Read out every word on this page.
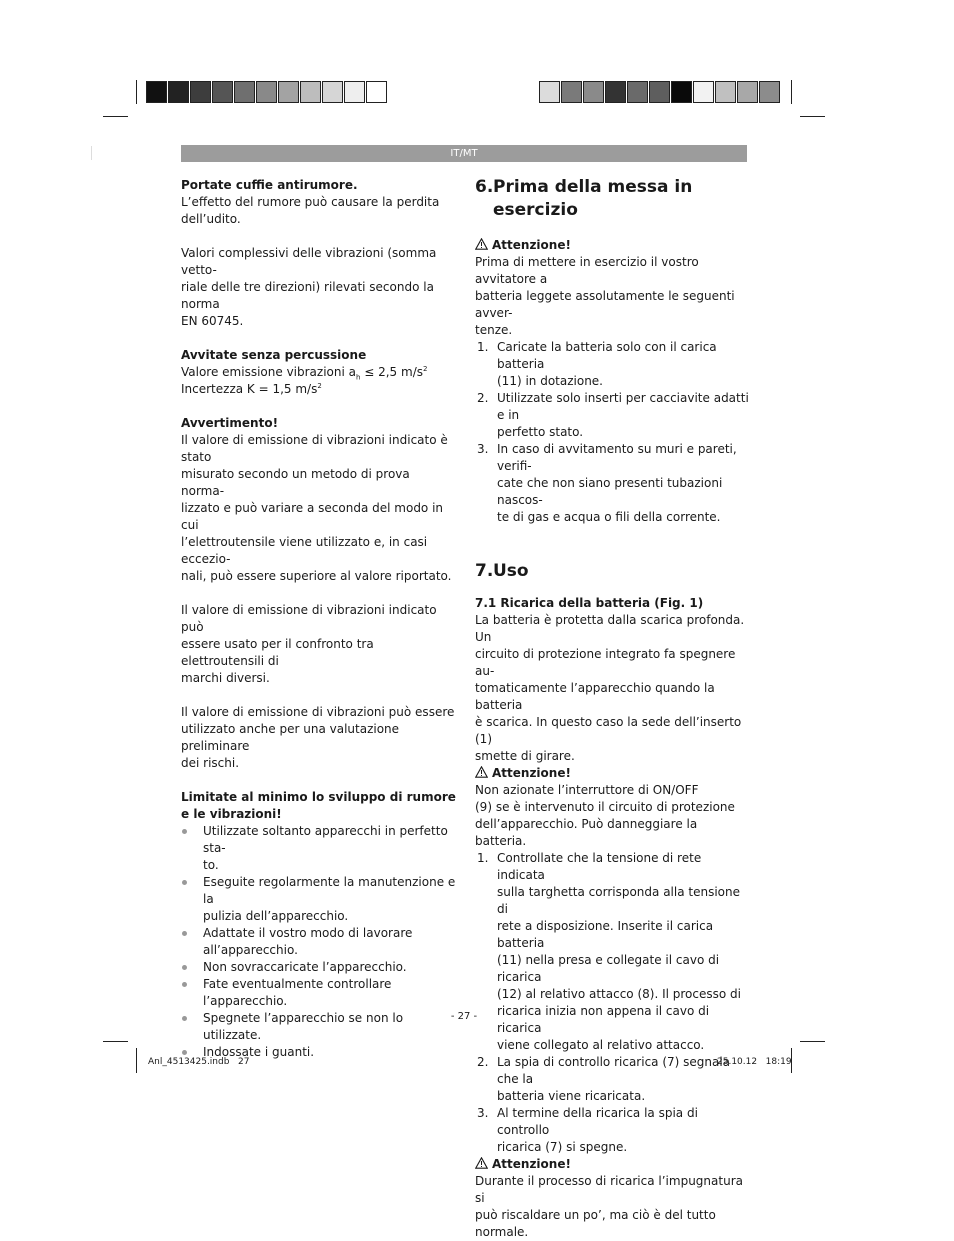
IT/MT

Portate cuffie antirumore.

L’effetto del rumore può causare la perdita

dell’udito.

Valori complessivi delle vibrazioni (somma vetto-

riale delle tre direzioni) rilevati secondo la norma

EN 60745.

Avvitate senza percussione

Valore emissione vibrazioni $a_h \le 2,5$ $m/s^2$

Incertezza K = 1,5 $m/s^2$

Avvertimento!

Il valore di emissione di vibrazioni indicato è stato

misurato secondo un metodo di prova norma-

lizzato e può variare a seconda del modo in cui

l’elettroutensile viene utilizzato e, in casi eccezio-

nali, può essere superiore al valore riportato.

Il valore di emissione di vibrazioni indicato può

essere usato per il confronto tra elettroutensili di

marchi diversi.

Il valore di emissione di vibrazioni può essere

utilizzato anche per una valutazione preliminare

dei rischi.

Limitate al minimo lo sviluppo di rumore

e le vibrazioni!

Utilizzate soltanto apparecchi in perfetto sta-
to.
Eseguite regolarmente la manutenzione e la
pulizia dell’apparecchio.
Adattate il vostro modo di lavorare
all’apparecchio.
Non sovraccaricate l’apparecchio.
Fate eventualmente controllare l’apparecchio.
Spegnete l’apparecchio se non lo utilizzate.
Indossate i guanti.
6.Prima della messa in
esercizio

Attenzione!

Prima di mettere in esercizio il vostro avvitatore a

batteria leggete assolutamente le seguenti avver-

tenze.

1. Caricate la batteria solo con il carica batteria
(11) in dotazione.
2. Utilizzate solo inserti per cacciavite adatti e in
perfetto stato.
3. In caso di avvitamento su muri e pareti, verifi-
cate che non siano presenti tubazioni nascos-
te di gas e acqua o fili della corrente.
7.Uso

7.1 Ricarica della batteria (Fig. 1)

La batteria è protetta dalla scarica profonda. Un

circuito di protezione integrato fa spegnere au-

tomaticamente l’apparecchio quando la batteria

è scarica. In questo caso la sede dell’inserto (1)

smette di girare.

Attenzione!

Non azionate l’interruttore di ON/OFF

(9) se è intervenuto il circuito di protezione

dell’apparecchio. Può danneggiare la batteria.

1. Controllate che la tensione di rete indicata
sulla targhetta corrisponda alla tensione di
rete a disposizione. Inserite il carica batteria
(11) nella presa e collegate il cavo di ricarica
(12) al relativo attacco (8). Il processo di
ricarica inizia non appena il cavo di ricarica
viene collegato al relativo attacco.
2. La spia di controllo ricarica (7) segnala che la
batteria viene ricaricata.
3. Al termine della ricarica la spia di controllo
ricarica (7) si spegne.

Attenzione!

Durante il processo di ricarica l’impugnatura si

può riscaldare un po’, ma ciò è del tutto normale.

- 27 -
Anl_4513425.indb   27	25.10.12   18:19
